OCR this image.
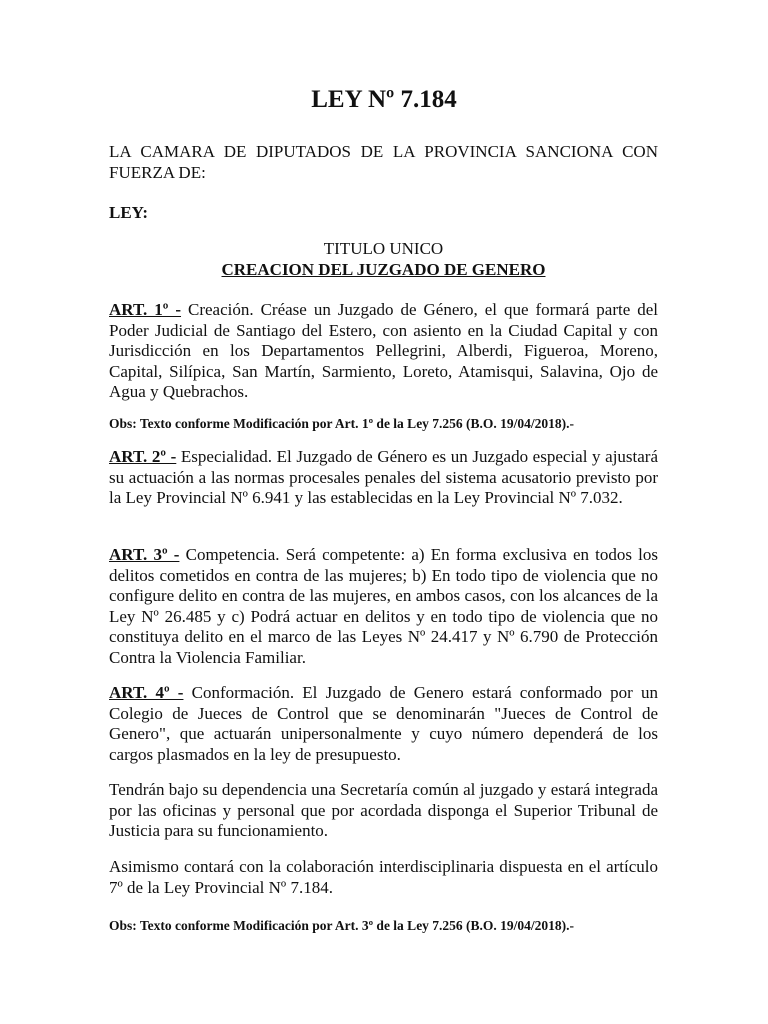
LEY Nº 7.184

LA CAMARA DE DIPUTADOS DE LA PROVINCIA SANCIONA CON FUERZA DE:

LEY:

TITULO UNICO
CREACION DEL JUZGADO DE GENERO

ART. 1º - Creación. Créase un Juzgado de Género, el que formará parte del Poder Judicial de Santiago del Estero, con asiento en la Ciudad Capital y con Jurisdicción en los Departamentos Pellegrini, Alberdi, Figueroa, Moreno, Capital, Silípica, San Martín, Sarmiento, Loreto, Atamisqui, Salavina, Ojo de Agua y Quebrachos.

Obs: Texto conforme Modificación por Art. 1º de la Ley 7.256 (B.O. 19/04/2018).-

ART. 2º - Especialidad. El Juzgado de Género es un Juzgado especial y ajustará su actuación a las normas procesales penales del sistema acusatorio previsto por la Ley Provincial Nº 6.941 y las establecidas en la Ley Provincial Nº 7.032.

ART. 3º - Competencia. Será competente: a) En forma exclusiva en todos los delitos cometidos en contra de las mujeres; b) En todo tipo de violencia que no configure delito en contra de las mujeres, en ambos casos, con los alcances de la Ley Nº 26.485 y c) Podrá actuar en delitos y en todo tipo de violencia que no constituya delito en el marco de las Leyes Nº 24.417 y Nº 6.790 de Protección Contra la Violencia Familiar.

ART. 4º - Conformación. El Juzgado de Genero estará conformado por un Colegio de Jueces de Control que se denominarán "Jueces de Control de Genero", que actuarán unipersonalmente y cuyo número dependerá de los cargos plasmados en la ley de presupuesto.

Tendrán bajo su dependencia una Secretaría común al juzgado y estará integrada por las oficinas y personal que por acordada disponga el Superior Tribunal de Justicia para su funcionamiento.

Asimismo contará con la colaboración interdisciplinaria dispuesta en el artículo 7º de la Ley Provincial Nº 7.184.

Obs: Texto conforme Modificación por Art. 3º de la Ley 7.256 (B.O. 19/04/2018).-
